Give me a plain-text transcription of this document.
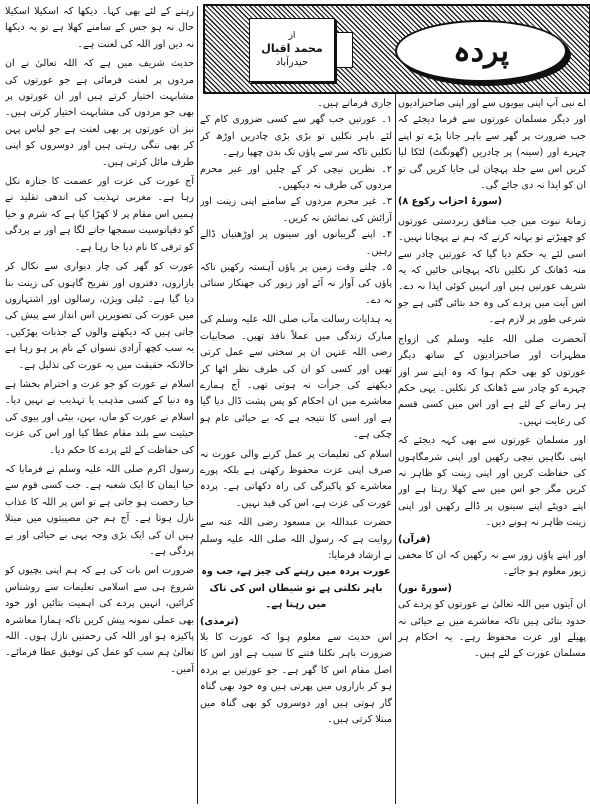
پردہ
از
محمد اقبال
حیدرآباد

اے نبی آپ اپنی بیویوں سے اور اپنی صاحبزادیوں اور دیگر مسلمان عورتوں سے فرما دیجئے کہ جب ضرورت پر گھر سے باہر جانا پڑے تو اپنے چہرے اور (سینہ) پر چادریں (گھونگٹ) لٹکا لیا کریں اس سے جلد پہچان لی جایا کریں گی تو ان کو ایذا نہ دی جائے گی۔

(سورۃ احزاب رکوع ۸)

زمانۂ نبوت میں جب منافق زبردستی عورتوں کو چھیڑتے تو بہانہ کرتے کہ ہم نے پہچانا نہیں۔ اسی لئے یہ حکم دیا گیا کہ عورتیں چادر سے منہ ڈھانک کر نکلیں تاکہ پہچانی جائیں کہ یہ شریف عورتیں ہیں اور انہیں کوئی ایذا نہ دے۔ اس آیت میں پردے کی وہ حد بتائی گئی ہے جو شرعی طور پر لازم ہے۔

آنحضرت صلی اللہ علیہ وسلم کی ازواج مطہرات اور صاحبزادیوں کے ساتھ دیگر عورتوں کو بھی حکم ہوا کہ وہ اپنے سر اور چہرے کو چادر سے ڈھانک کر نکلیں۔ یہی حکم ہر زمانے کے لئے ہے اور اس میں کسی قسم کی رعایت نہیں۔

اور مسلمان عورتوں سے بھی کہہ دیجئے کہ اپنی نگاہیں نیچی رکھیں اور اپنی شرمگاہوں کی حفاظت کریں اور اپنی زینت کو ظاہر نہ کریں مگر جو اس میں سے کھلا رہتا ہے اور اپنے دوپٹے اپنے سینوں پر ڈالے رکھیں اور اپنی زینت ظاہر نہ ہونے دیں۔

(قرآن)

اور اپنے پاؤں زور سے نہ رکھیں کہ ان کا مخفی زیور معلوم ہو جائے۔

(سورۃ نور)

ان آیتوں میں اللہ تعالیٰ نے عورتوں کو پردے کی حدود بتائی ہیں تاکہ معاشرے میں بے حیائی نہ پھیلے اور عزت محفوظ رہے۔ یہ احکام ہر مسلمان عورت کے لئے ہیں۔

جاری فرماتے ہیں۔

۱۔ عورتیں جب گھر سے کسی ضروری کام کے لئے باہر نکلیں تو بڑی بڑی چادریں اوڑھ کر نکلیں تاکہ سر سے پاؤں تک بدن چھپا رہے۔

۲۔ نظریں نیچی کر کے چلیں اور غیر محرم مردوں کی طرف نہ دیکھیں۔

۳۔ غیر محرم مردوں کے سامنے اپنی زینت اور آرائش کی نمائش نہ کریں۔

۴۔ اپنے گریبانوں اور سینوں پر اوڑھنیاں ڈالے رہیں۔

۵۔ چلتے وقت زمین پر پاؤں آہستہ رکھیں تاکہ پاؤں کی آواز نہ آئے اور زیور کی جھنکار سنائی نہ دے۔

یہ ہدایات رسالت مآب صلی اللہ علیہ وسلم کی مبارک زندگی میں عملاً نافذ تھیں۔ صحابیات رضی اللہ عنہن ان پر سختی سے عمل کرتی تھیں اور کسی کو ان کی طرف نظر اٹھا کر دیکھنے کی جرأت نہ ہوتی تھی۔ آج ہمارے معاشرے میں ان احکام کو پس پشت ڈال دیا گیا ہے اور اسی کا نتیجہ ہے کہ بے حیائی عام ہو چکی ہے۔

اسلام کی تعلیمات پر عمل کرنے والی عورت نہ صرف اپنی عزت محفوظ رکھتی ہے بلکہ پورے معاشرے کو پاکیزگی کی راہ دکھاتی ہے۔ پردہ عورت کی عزت ہے، اس کی قید نہیں۔

حضرت عبداللہ بن مسعود رضی اللہ عنہ سے روایت ہے کہ رسول اللہ صلی اللہ علیہ وسلم نے ارشاد فرمایا:

عورت پردہ میں رہنے کی چیز ہے، جب وہ باہر نکلتی ہے تو شیطان اس کی تاک میں رہتا ہے۔

(ترمذی)

اس حدیث سے معلوم ہوا کہ عورت کا بلا ضرورت باہر نکلنا فتنے کا سبب ہے اور اس کا اصل مقام اس کا گھر ہے۔ جو عورتیں بے پردہ ہو کر بازاروں میں پھرتی ہیں وہ خود بھی گناہ گار ہوتی ہیں اور دوسروں کو بھی گناہ میں مبتلا کرتی ہیں۔

رہنے کے لئے بھی کہا۔ دیکھا کہ اسکیلا اسکیلا حال نہ ہو جس کے سامنے کھلا ہے تو یہ دیکھا نہ دیں اور اللہ کی لعنت ہے۔

حدیث شریف میں ہے کہ اللہ تعالیٰ نے ان مردوں پر لعنت فرمائی ہے جو عورتوں کی مشابہت اختیار کرتے ہیں اور ان عورتوں پر بھی جو مردوں کی مشابہت اختیار کرتی ہیں۔ نیز ان عورتوں پر بھی لعنت ہے جو لباس پہن کر بھی ننگی رہتی ہیں اور دوسروں کو اپنی طرف مائل کرتی ہیں۔

آج عورت کی عزت اور عصمت کا جنازہ نکل رہا ہے۔ مغربی تہذیب کی اندھی تقلید نے ہمیں اس مقام پر لا کھڑا کیا ہے کہ شرم و حیا کو دقیانوسیت سمجھا جانے لگا ہے اور بے پردگی کو ترقی کا نام دیا جا رہا ہے۔

عورت کو گھر کی چار دیواری سے نکال کر بازاروں، دفتروں اور تفریح گاہوں کی زینت بنا دیا گیا ہے۔ ٹیلی ویژن، رسالوں اور اشتہاروں میں عورت کی تصویریں اس انداز سے پیش کی جاتی ہیں کہ دیکھنے والوں کے جذبات بھڑکیں۔ یہ سب کچھ آزادی نسواں کے نام پر ہو رہا ہے حالانکہ حقیقت میں یہ عورت کی تذلیل ہے۔

اسلام نے عورت کو جو عزت و احترام بخشا ہے وہ دنیا کے کسی مذہب یا تہذیب نے نہیں دیا۔ اسلام نے عورت کو ماں، بہن، بیٹی اور بیوی کی حیثیت سے بلند مقام عطا کیا اور اس کی عزت کی حفاظت کے لئے پردے کا حکم دیا۔

رسول اکرم صلی اللہ علیہ وسلم نے فرمایا کہ حیا ایمان کا ایک شعبہ ہے۔ جب کسی قوم سے حیا رخصت ہو جاتی ہے تو اس پر اللہ کا عذاب نازل ہوتا ہے۔ آج ہم جن مصیبتوں میں مبتلا ہیں ان کی ایک بڑی وجہ یہی بے حیائی اور بے پردگی ہے۔

ضرورت اس بات کی ہے کہ ہم اپنی بچیوں کو شروع ہی سے اسلامی تعلیمات سے روشناس کرائیں، انہیں پردے کی اہمیت بتائیں اور خود بھی عملی نمونہ پیش کریں تاکہ ہمارا معاشرہ پاکیزہ ہو اور اللہ کی رحمتیں نازل ہوں۔ اللہ تعالیٰ ہم سب کو عمل کی توفیق عطا فرمائے۔ آمین۔
